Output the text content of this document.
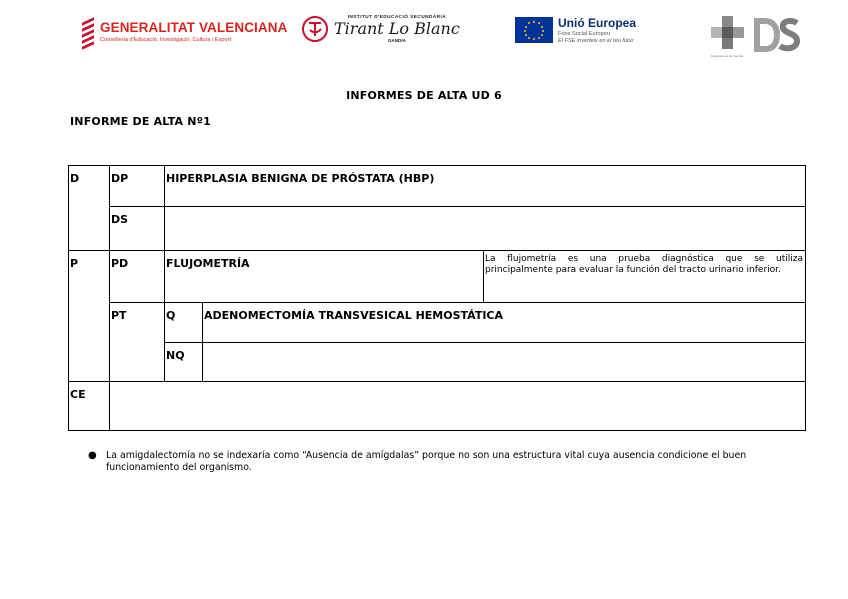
GENERALITAT VALENCIANA
Conselleria d'Educació, Investigació, Cultura i Esport
INSTITUT D'EDUCACIÓ SECUNDÀRIA
Tirant Lo Blanc
GANDIA
Unió Europea
Fons Social Europeu
El FSE inverteix en el teu futur
Departament de Gandia
INFORMES DE ALTA UD 6
INFORME DE ALTA Nº1
D	DP	HIPERPLASIA BENIGNA DE PRÓSTATA (HBP)
DS
P	PD	FLUJOMETRÍA	La flujometría es una prueba diagnóstica que se utiliza principalmente para evaluar la función del tracto urinario inferior.
PT	Q	ADENOMECTOMÍA TRANSVESICAL HEMOSTÁTICA
NQ
CE
● La amigdalectomía no se indexaría como “Ausencia de amígdalas” porque no son una estructura vital cuya ausencia condicione el buen funcionamiento del organismo.
